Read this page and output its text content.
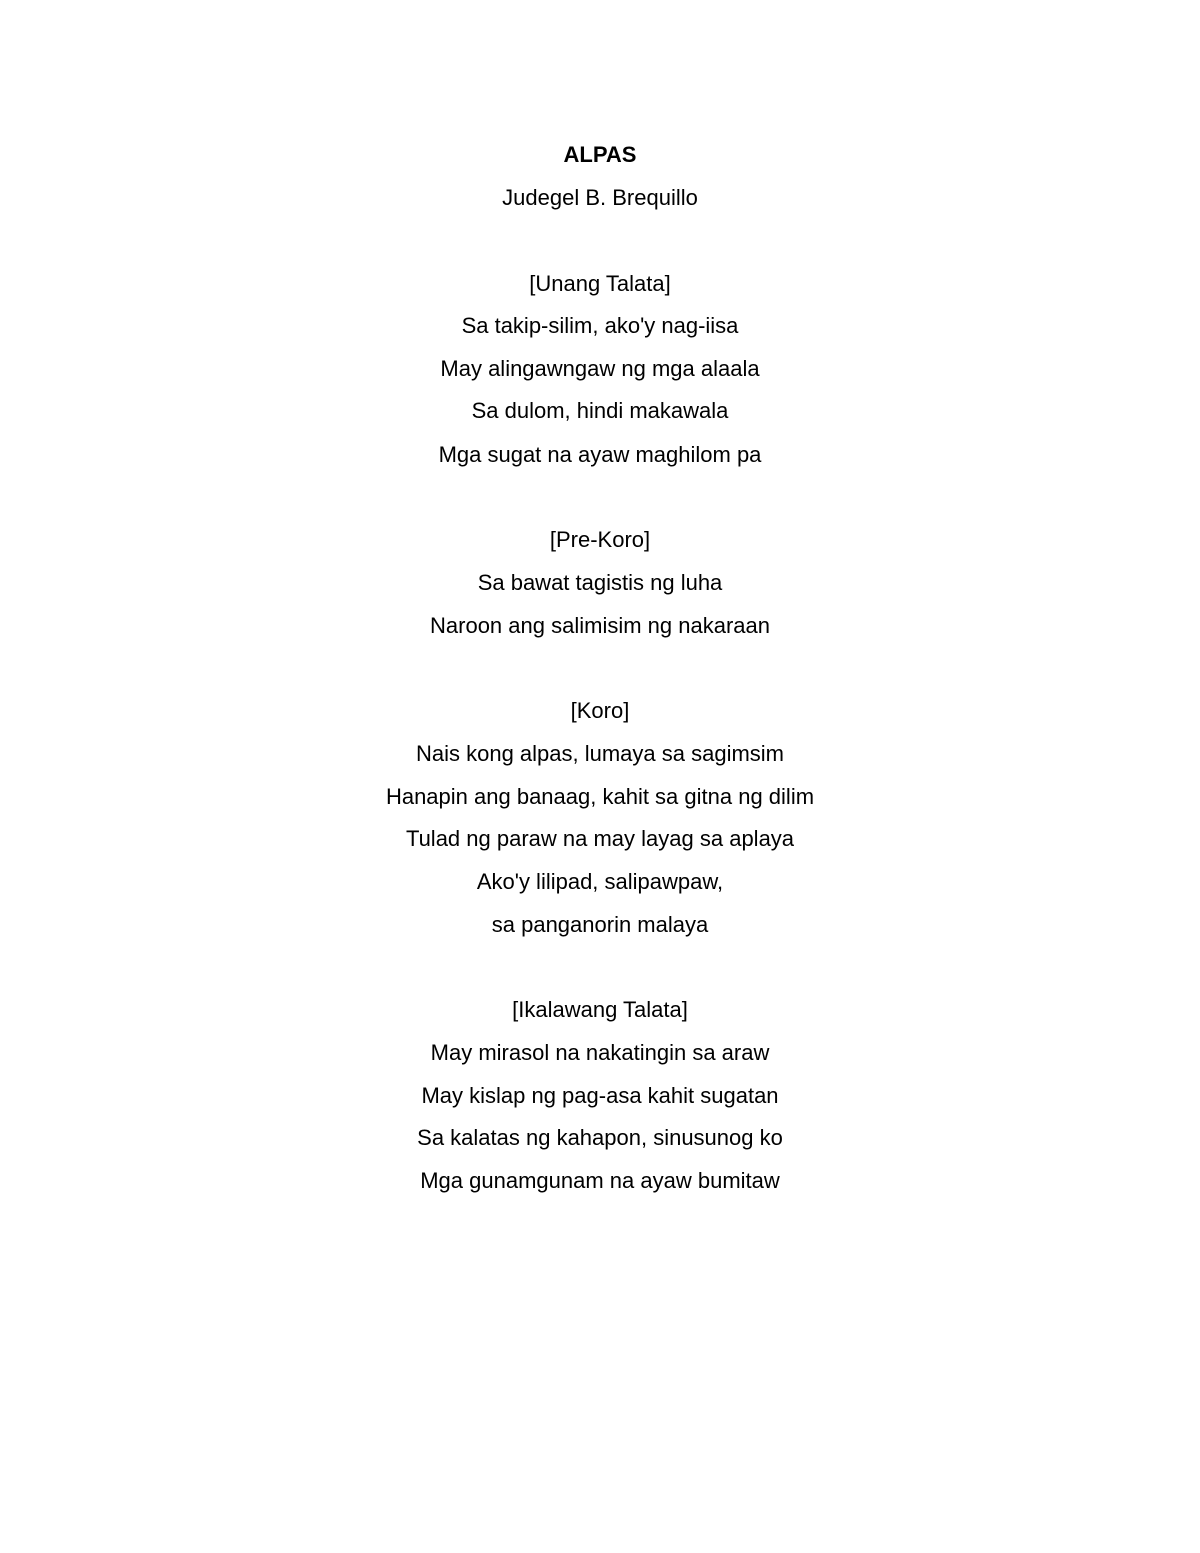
ALPAS
Judegel B. Brequillo
[Unang Talata]
Sa takip-silim, ako'y nag-iisa
May alingawngaw ng mga alaala
Sa dulom, hindi makawala
Mga sugat na ayaw maghilom pa
[Pre-Koro]
Sa bawat tagistis ng luha
Naroon ang salimisim ng nakaraan
[Koro]
Nais kong alpas, lumaya sa sagimsim
Hanapin ang banaag, kahit sa gitna ng dilim
Tulad ng paraw na may layag sa aplaya
Ako'y lilipad, salipawpaw,
sa panganorin malaya
[Ikalawang Talata]
May mirasol na nakatingin sa araw
May kislap ng pag-asa kahit sugatan
Sa kalatas ng kahapon, sinusunog ko
Mga gunamgunam na ayaw bumitaw
